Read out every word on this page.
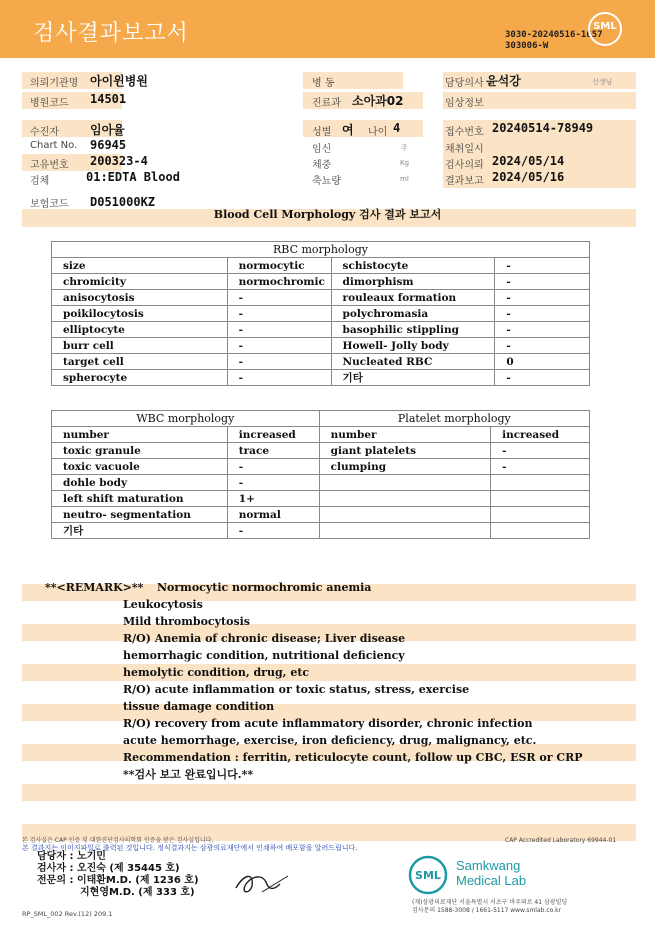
검사결과보고서	3030-20240516-1657
303006-W
SML
의뢰기관명 아이윈병원
병원코드 14501
병 동
진료과 소아과02
담당의사 윤석강	선생님
임상정보
수진자	임아율
Chart No. 96945
고유번호 200323-4
검체	01:EDTA Blood
보험코드 D051000KZ
성별 여 나이 4
임신	주
체중	Kg
축뇨량	ml
접수번호 20240514-78949
채취일시
검사의뢰 2024/05/14
결과보고 2024/05/16
Blood Cell Morphology 검사 결과 보고서
RBC morphology			
size	normocytic	schistocyte	-
chromicity	normochromic	dimorphism	-
anisocytosis	-	rouleaux formation	-
poikilocytosis	-	polychromasia	-
elliptocyte	-	basophilic stippling	-
burr cell	-	Howell- Jolly body	-
target cell	-	Nucleated RBC	0
spherocyte	-	기타	-
WBC morphology		Platelet morphology	
number	increased	number	increased
toxic granule	trace	giant platelets	-
toxic vacuole	-	clumping	-
dohle body	-		
left shift maturation	1+		
neutro- segmentation	normal		
기타	-		
**<REMARK>** Normocytic normochromic anemia
Leukocytosis
Mild thrombocytosis
R/O) Anemia of chronic disease; Liver disease
hemorrhagic condition, nutritional deficiency
hemolytic condition, drug, etc
R/O) acute inflammation or toxic status, stress, exercise
tissue damage condition
R/O) recovery from acute inflammatory disorder, chronic infection
acute hemorrhage, exercise, iron deficiency, drug, malignancy, etc.
Recommendation : ferritin, reticulocyte count, follow up CBC, ESR or CRP
**검사 보고 완료입니다.**
본 검사실은 CAP 인증 및 대한진단검사의학회 인증을 받은 검사실입니다.	CAP Accredited Laboratory 69944-01
본 결과지는 이미지파일로 출력된 것입니다. 정식결과지는 삼광의료재단에서 인쇄하여 배포함을 알려드립니다.
담당자 : 노기민
검사자 : 오진숙 (제 35445 호)
전문의 : 이태환M.D. (제 1236 호)
지현영M.D. (제 333 호)
SML
Samkwang
Medical Lab
(재)삼광의료재단 서울특별시 서초구 바우뫼로 41 삼광빌딩
검사문의 1588-3008 / 1661-5117 www.smlab.co.kr
RP_SML_002 Rev.(12) 209.1
